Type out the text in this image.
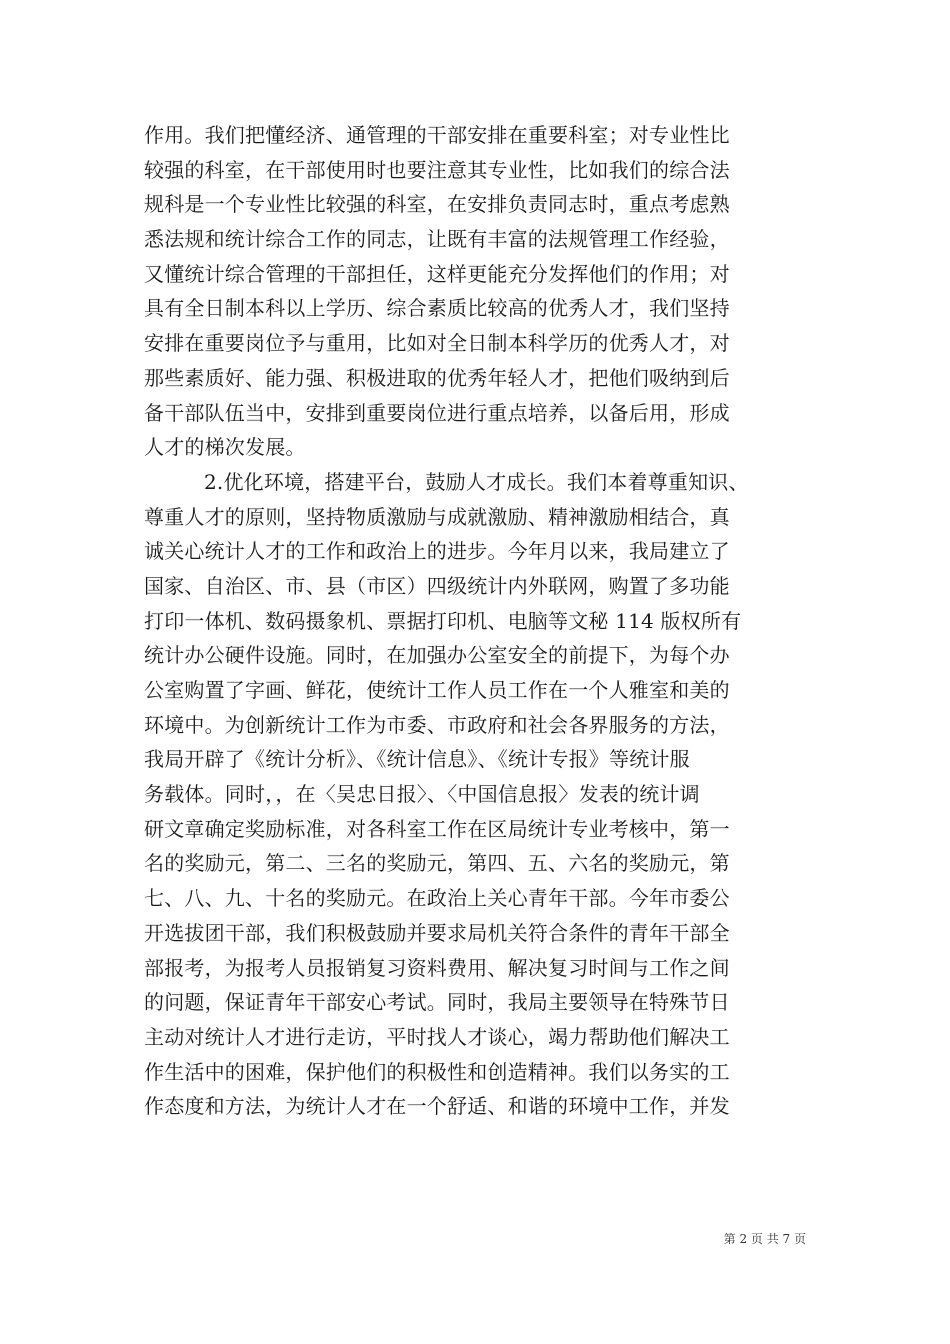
作用。我们把懂经济、通管理的干部安排在重要科室；对专业性比
较强的科室，在干部使用时也要注意其专业性，比如我们的综合法
规科是一个专业性比较强的科室，在安排负责同志时，重点考虑熟
悉法规和统计综合工作的同志，让既有丰富的法规管理工作经验，
又懂统计综合管理的干部担任，这样更能充分发挥他们的作用；对
具有全日制本科以上学历、综合素质比较高的优秀人才，我们坚持
安排在重要岗位予与重用，比如对全日制本科学历的优秀人才，对
那些素质好、能力强、积极进取的优秀年轻人才，把他们吸纳到后
备干部队伍当中，安排到重要岗位进行重点培养，以备后用，形成
人才的梯次发展。
2.优化环境，搭建平台，鼓励人才成长。我们本着尊重知识、
尊重人才的原则，坚持物质激励与成就激励、精神激励相结合，真
诚关心统计人才的工作和政治上的进步。今年月以来，我局建立了
国家、自治区、市、县（市区）四级统计内外联网，购置了多功能
打印一体机、数码摄象机、票据打印机、电脑等文秘 114 版权所有
统计办公硬件设施。同时，在加强办公室安全的前提下，为每个办
公室购置了字画、鲜花，使统计工作人员工作在一个人雅室和美的
环境中。为创新统计工作为市委、市政府和社会各界服务的方法，
我局开辟了《统计分析》、《统计信息》、《统计专报》等统计服
务载体。同时，，在〈吴忠日报〉、〈中国信息报〉发表的统计调
研文章确定奖励标准，对各科室工作在区局统计专业考核中，第一
名的奖励元，第二、三名的奖励元，第四、五、六名的奖励元，第
七、八、九、十名的奖励元。在政治上关心青年干部。今年市委公
开选拔团干部，我们积极鼓励并要求局机关符合条件的青年干部全
部报考，为报考人员报销复习资料费用、解决复习时间与工作之间
的问题，保证青年干部安心考试。同时，我局主要领导在特殊节日
主动对统计人才进行走访，平时找人才谈心，竭力帮助他们解决工
作生活中的困难，保护他们的积极性和创造精神。我们以务实的工
作态度和方法，为统计人才在一个舒适、和谐的环境中工作，并发
第 2 页 共 7 页
